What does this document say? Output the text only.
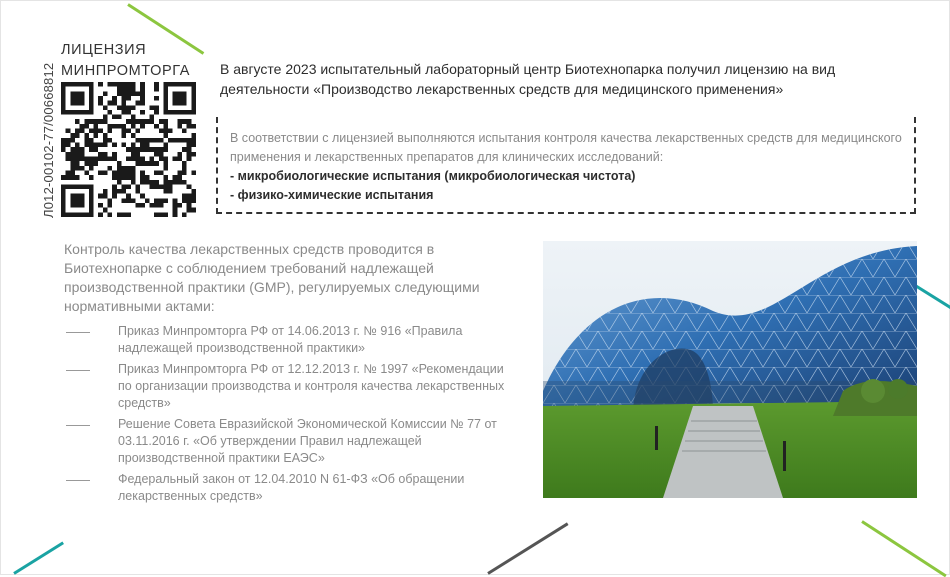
Л012-00102-77/00668812
ЛИЦЕНЗИЯ
МИНПРОМТОРГА В августе 2023 испытательный лабораторный центр Биотехнопарка получил лицензию на вид деятельности «Производство лекарственных средств для медицинского применения»
В соответствии с лицензией выполняются испытания контроля качества лекарственных средств для медицинского применения и лекарственных препаратов для клинических исследований:
- микробиологические испытания (микробиологическая чистота)
- физико-химические испытания
Контроль качества лекарственных средств проводится в Биотехнопарке с соблюдением требований надлежащей производственной практики (GMP), регулируемых следующими нормативными актами:
Приказ Минпромторга РФ от 14.06.2013 г. № 916 «Правила надлежащей производственной практики»
Приказ Минпромторга РФ от 12.12.2013 г. № 1997 «Рекомендации по организации производства и контроля качества лекарственных средств»
Решение Совета Евразийской Экономической Комиссии № 77 от 03.11.2016 г. «Об утверждении Правил надлежащей производственной практики ЕАЭС»
Федеральный закон от 12.04.2010 N 61-ФЗ «Об обращении лекарственных средств»
